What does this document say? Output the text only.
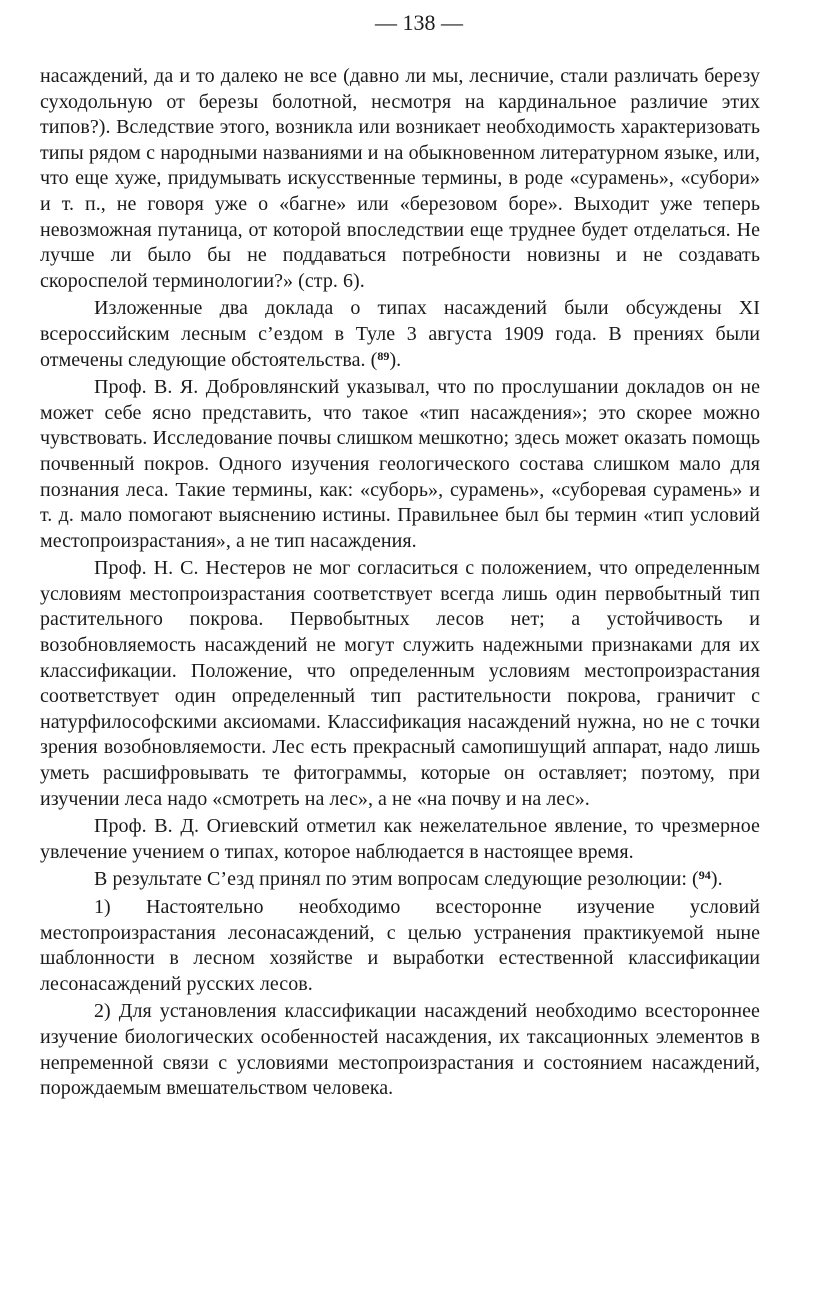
— 138 —

насаждений, да и то далеко не все (давно ли мы, лесничие, стали различать березу суходольную от березы болотной, несмотря на кардинальное различие этих типов?). Вследствие этого, возникла или возникает необходимость характеризовать типы рядом с народными названиями и на обыкновенном литературном языке, или, что еще хуже, придумывать искусственные термины, в роде «сурамень», «субори» и т. п., не говоря уже о «багне» или «березовом боре». Выходит уже теперь невозможная путаница, от которой впоследствии еще труднее будет отделаться. Не лучше ли было бы не поддаваться потребности новизны и не создавать скороспелой терминологии?» (стр. 6).

Изложенные два доклада о типах насаждений были обсуждены XI всероссийским лесным с’ездом в Туле 3 августа 1909 года. В прениях были отмечены следующие обстоятельства. ($^{89}$).

Проф. В. Я. Добровлянский указывал, что по прослушании докладов он не может себе ясно представить, что такое «тип насаждения»; это скорее можно чувствовать. Исследование почвы слишком мешкотно; здесь может оказать помощь почвенный покров. Одного изучения геологического состава слишком мало для познания леса. Такие термины, как: «суборь», сурамень», «суборевая сурамень» и т. д. мало помогают выяснению истины. Правильнее был бы термин «тип условий местопроизрастания», а не тип насаждения.

Проф. Н. С. Нестеров не мог согласиться с положением, что определенным условиям местопроизрастания соответствует всегда лишь один первобытный тип растительного покрова. Первобытных лесов нет; а устойчивость и возобновляемость насаждений не могут служить надежными признаками для их классификации. Положение, что определенным условиям местопроизрастания соответствует один определенный тип растительности покрова, граничит с натурфилософскими аксиомами. Классификация насаждений нужна, но не с точки зрения возобновляемости. Лес есть прекрасный самопишущий аппарат, надо лишь уметь расшифровывать те фитограммы, которые он оставляет; поэтому, при изучении леса надо «смотреть на лес», а не «на почву и на лес».

Проф. В. Д. Огиевский отметил как нежелательное явление, то чрезмерное увлечение учением о типах, которое наблюдается в настоящее время.

В результате С’езд принял по этим вопросам следующие резолюции: ($^{94}$).

1) Настоятельно необходимо всесторонне изучение условий местопроизрастания лесонасаждений, с целью устранения практикуемой ныне шаблонности в лесном хозяйстве и выработки естественной классификации лесонасаждений русских лесов.

2) Для установления классификации насаждений необходимо всестороннее изучение биологических особенностей насаждения, их таксационных элементов в непременной связи с условиями местопроизрастания и состоянием насаждений, порождаемым вмешательством человека.
